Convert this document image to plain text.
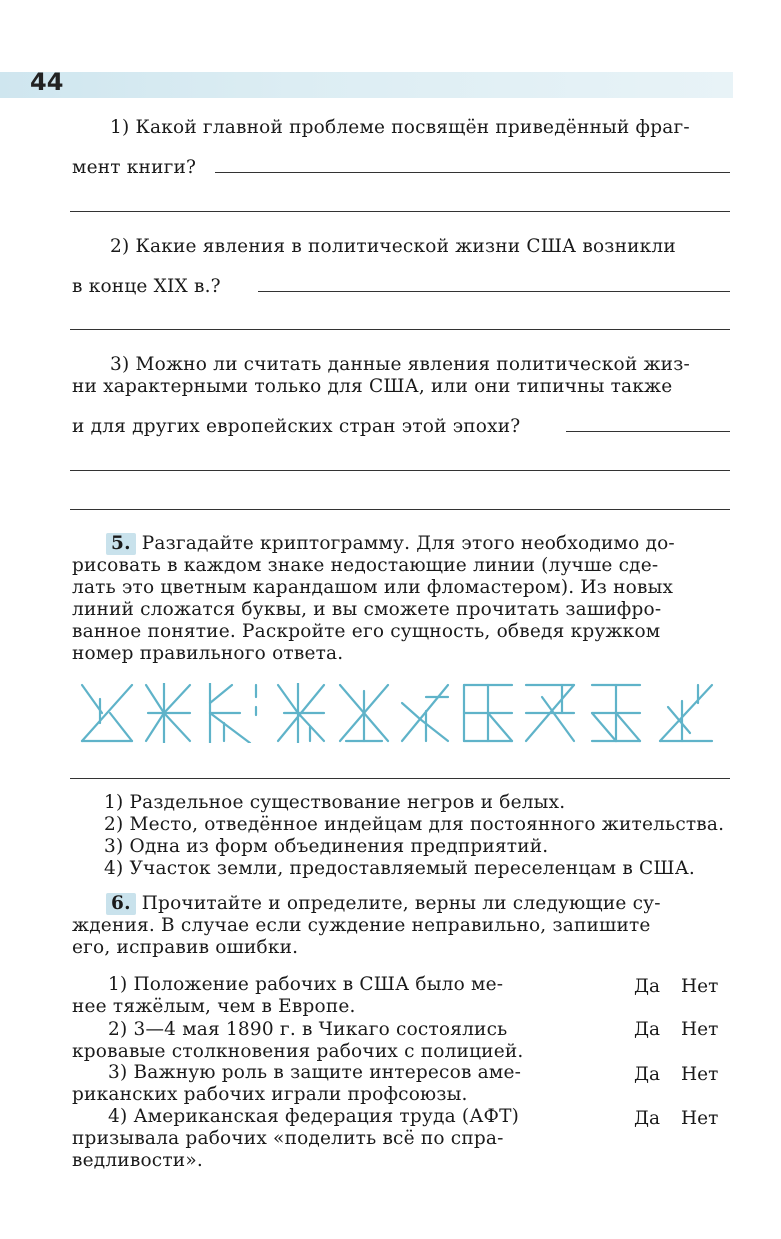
44
1) Какой главной проблеме посвящён приведённый фраг-
мент книги?
2) Какие явления в политической жизни США возникли
в конце XIX в.?
3) Можно ли считать данные явления политической жиз-
ни характерными только для США, или они типичны также
и для других европейских стран этой эпохи?
5. Разгадайте криптограмму. Для этого необходимо до-
рисовать в каждом знаке недостающие линии (лучше сде-
лать это цветным карандашом или фломастером). Из новых
линий сложатся буквы, и вы сможете прочитать зашифро-
ванное понятие. Раскройте его сущность, обведя кружком
номер правильного ответа.
1) Раздельное существование негров и белых.
2) Место, отведённое индейцам для постоянного жительства.
3) Одна из форм объединения предприятий.
4) Участок земли, предоставляемый переселенцам в США.
6. Прочитайте и определите, верны ли следующие су-
ждения. В случае если суждение неправильно, запишите
его, исправив ошибки.
1) Положение рабочих в США было ме-
нее тяжёлым, чем в Европе.
Да Нет
2) 3—4 мая 1890 г. в Чикаго состоялись
кровавые столкновения рабочих с полицией.
Да Нет
3) Важную роль в защите интересов аме-
риканских рабочих играли профсоюзы.
Да Нет
4) Американская федерация труда (АФТ)
призывала рабочих «поделить всё по спра-
ведливости».
Да Нет
